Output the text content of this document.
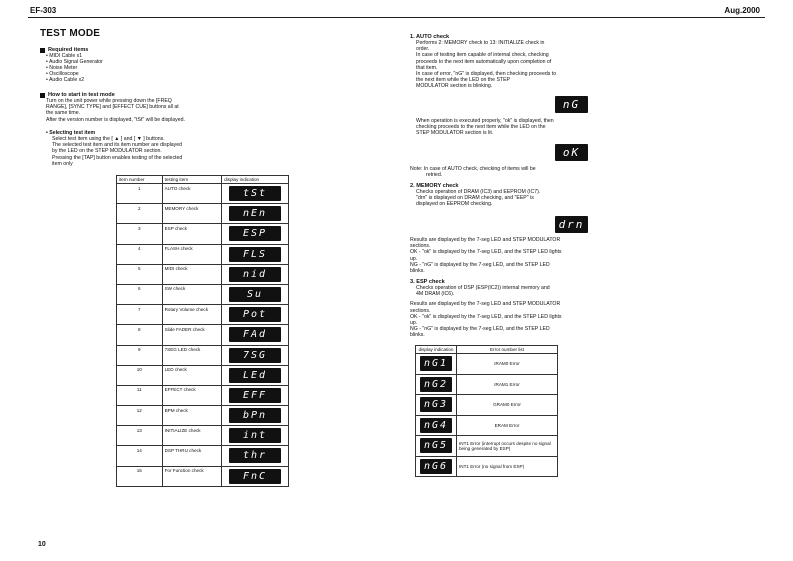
EF-303	Aug.2000
TEST MODE
Required items
• MIDI Cable x1
• Audio Signal Generator
• Noise Meter
• Oscilloscope
• Audio Cable x2
How to start in test mode
Turn on the unit power while pressing down the [FREQ
RANGE], [SYNC TYPE] and [EFFECT CUE] buttons all at
the same time.
After the version number is displayed, "tSt" will be displayed.
• Selecting test item
Select test item using the [ ▲ ] and [ ▼ ] buttons.
The selected test item and its item number are displayed
by the LED on the STEP MODULATOR section.
Pressing the [TAP] button enables testing of the selected
item only
item number	testing item	display indication
1	AUTO check	tSt

2	MEMORY check	nEn

3	ESP check	ESP

4	FLASH check	FLS

5	MIDI check	nid

6	SW check	Su

7	Rotary Volume check	Pot

8	Slide FADER check	FAd

9	7SEG LED check	7SG

10	LED check	LEd

11	EFFECT check	EFF

12	BPM check	bPn

13	INITIALIZE check	int

14	DSP THRU check	thr

15	For Function check	FnC
1. AUTO check
Performs 2: MEMORY check to 13: INITIALIZE check in
order.
In case of testing item capable of internal check, checking
proceeds to the next item automatically upon completion of
that item.
In case of error, "nG" is displayed, then checking proceeds to
the next item while the LED on the STEP
MODULATOR section is blinking.
nG
When operation is executed properly, "ok" is displayed, then
checking proceeds to the next item while the LED on the
STEP MODULATOR section is lit.
oK
Note: In case of AUTO check, checking of items will be
retried.
2. MEMORY check
Checks operation of DRAM (IC3) and EEPROM (IC7).
"drn" is displayed on DRAM checking, and "EEP" is
displayed on EEPROM checking.
drn
Results are displayed by the 7-seg LED and STEP MODULATOR
sections.
OK - "ok" is displayed by the 7-seg LED, and the STEP LED lights
up.
NG - "nG" is displayed by the 7-seg LED, and the STEP LED
blinks.
3. ESP check
Checks operation of DSP (ESP(IC2)) internal memory and
4M DRAM (IC6).
Results are displayed by the 7-seg LED and STEP MODULATOR
sections.
OK - "ok" is displayed by the 7-seg LED, and the STEP LED lights
up.
NG - "nG" is displayed by the 7-seg LED, and the STEP LED
blinks.
display indication	Error number list

nG1	IRAM0 Error

nG2	IRAM1 Error

nG3	GRAM0 Error

nG4	ERAM Error

nG5	INT1 Error (interrupt occurs despite no signal being generated by ESP)

nG6	INT1 Error (no signal from ESP)
10
